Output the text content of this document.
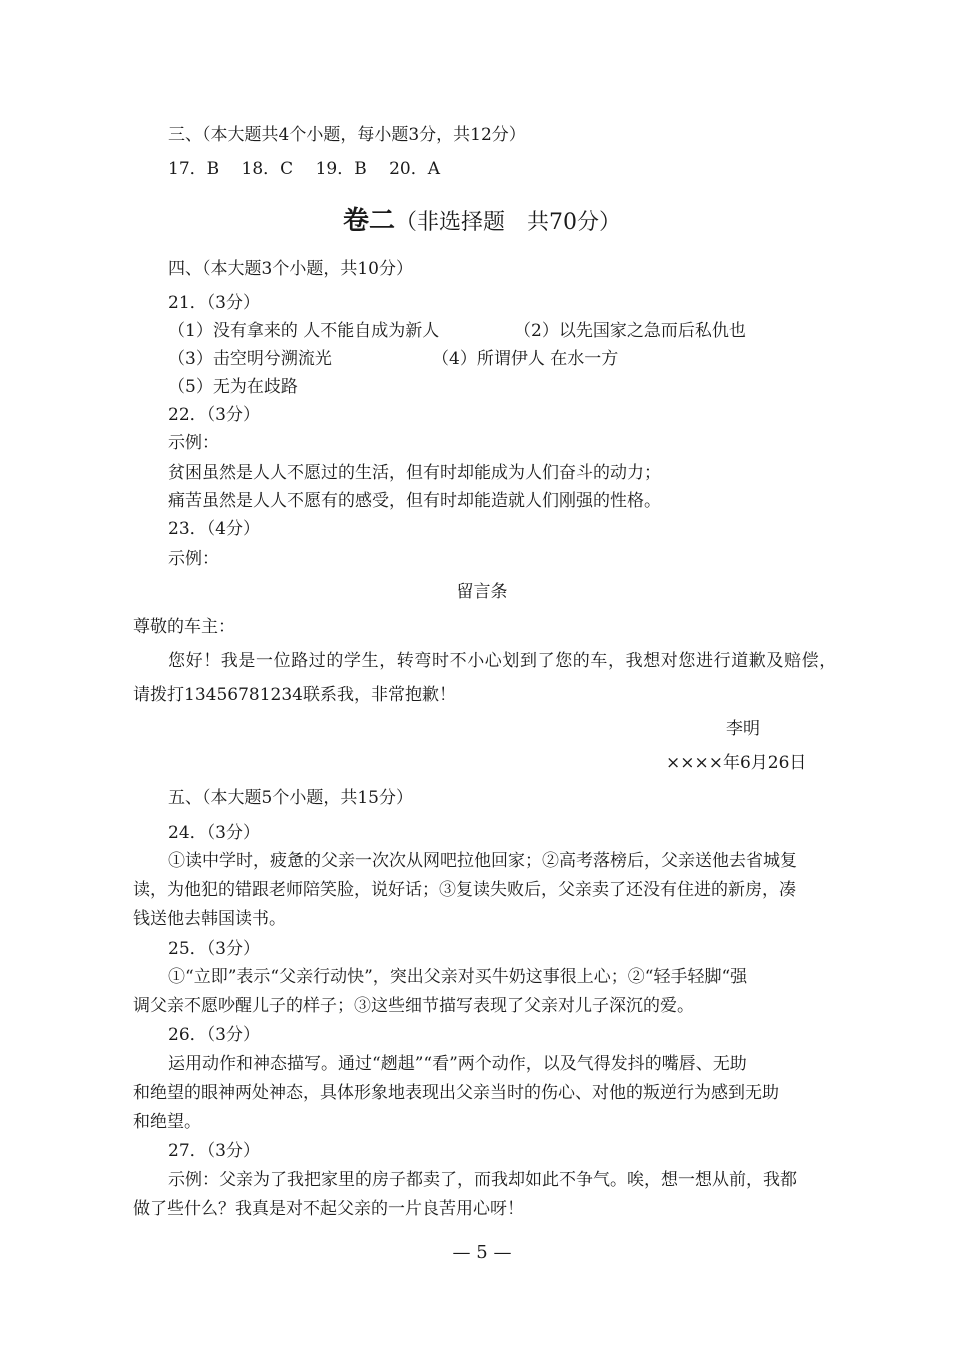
三、（本大题共4个小题，每小题3分，共12分）
17．B　 18．C　 19．B　 20．A
卷二（非选择题　共70分）
四、（本大题3个小题，共10分）
21．（3分）
（1）没有拿来的 人不能自成为新人	（2）以先国家之急而后私仇也
（3）击空明兮溯流光	（4）所谓伊人 在水一方
（5）无为在歧路
22．（3分）
示例：
贫困虽然是人人不愿过的生活，但有时却能成为人们奋斗的动力；
痛苦虽然是人人不愿有的感受，但有时却能造就人们刚强的性格。
23．（4分）
示例：
留言条
尊敬的车主：
您好！我是一位路过的学生，转弯时不小心划到了您的车，我想对您进行道歉及赔偿，
请拨打13456781234联系我，非常抱歉！
李明
××××年6月26日
五、（本大题5个小题，共15分）
24．（3分）
①读中学时，疲惫的父亲一次次从网吧拉他回家；②高考落榜后，父亲送他去省城复
读，为他犯的错跟老师陪笑脸，说好话；③复读失败后，父亲卖了还没有住进的新房，凑
钱送他去韩国读书。
25．（3分）
①“立即”表示“父亲行动快”，突出父亲对买牛奶这事很上心；②“轻手轻脚“强
调父亲不愿吵醒儿子的样子；③这些细节描写表现了父亲对儿子深沉的爱。
26．（3分）
运用动作和神态描写。通过“趔趄”“看”两个动作，以及气得发抖的嘴唇、无助
和绝望的眼神两处神态，具体形象地表现出父亲当时的伤心、对他的叛逆行为感到无助
和绝望。
27．（3分）
示例：父亲为了我把家里的房子都卖了，而我却如此不争气。唉，想一想从前，我都
做了些什么？我真是对不起父亲的一片良苦用心呀！
— 5 —
